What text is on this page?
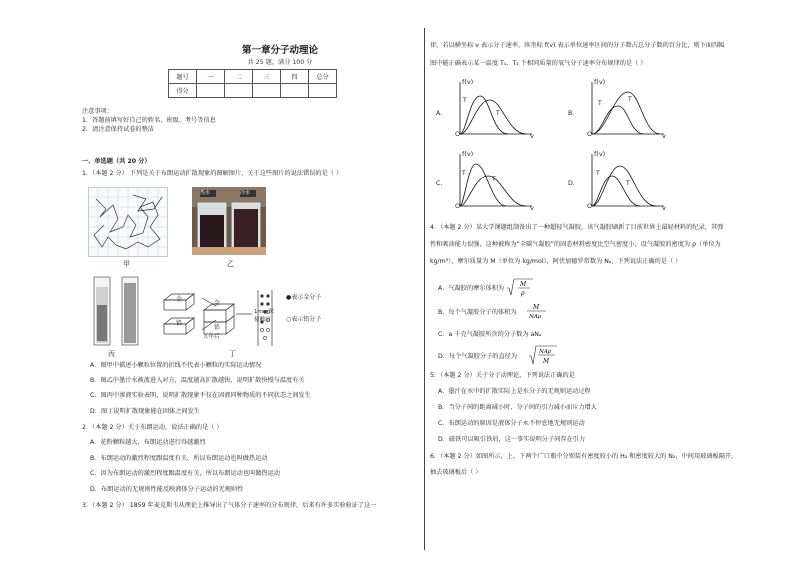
第一章分子动理论
共 25 题，满分 100 分
题号	一	二	三	四	总分
得分					
注意事项：
1．答题前填写好自己的姓名、班级、考号等信息
2．请注意保持试卷的整洁
一、单选题（共 20 分）
1．（本题 2 分） 下列是关于布朗运动扩散现象的图解图片，关于这些图片的说法错误的是（ ）
甲
热水	冷水
乙
丙
金
铅
金
铅
1mm深
接触层
五年后
●表示金分子
○表示铅分子
丁
A．图甲中描述小颗粒位置的折线不代表小颗粒的实际运动情况
B．图乙中墨汁水被流进入对方，温度越高扩散越快，说明扩散快慢与温度有关
C．图丙中渗液实验表明，说明扩散现象不仅在固液同种物质的不同状态之间发生
D．图丁说明扩散现象能在固体之间发生
2．（本题 2 分）关于布朗运动，说法正确的是（ ）
A．花粉颗粒越大，布朗运动进行得越激烈
B．布朗运动的激烈程度跟温度有关，所以布朗运动也叫做热运动
C．因为布朗运动的激烈程度跟温度有关，所以布朗运动也叫做热运动
D．布朗运动的无规则性能反映液体分子运动的无规则性
3．（本题 2 分） 1859 年麦克斯韦从理论上推导出了气体分子速率的分布规律，后来有许多实验验证了这一
律，若以横坐标 v 表示分子速率，纵坐标 f(v) 表示单位速率区间的分子数占总分子数的百分比，则下面四幅
图中能正确表示某一温度 T₁、T₂ 下相同质量的氧气分子速率分布规律的是（ ）
A．
f(v)
O	v
T
T	B．
f(v)
O	v
T
T
C．
f(v)
O	v
T
T
D．
f(v)
O	v
T
T
4．（本题 2 分）某大学课题组制备出了一种超轻气凝胶，该气凝胶刷新了目前世界上最轻材料的纪录，其弹
性和吸油能力很强，这种被称为“全碳气凝胶”的固态材料密度比空气密度小，设气凝胶的密度为 ρ（单位为
kg/m³），摩尔质量为 M（单位为 kg/mol），阿伏加德罗常数为 Nₐ，下列说法正确的是（ ）
A．气凝胶的摩尔体积为
M
ρ
B．每个气凝胶分子的体积为
M
NAρ
C．a 千克气凝胶所含的分子数为 aNₐ
D．每个气凝胶分子的直径为
NAρ
M
5．（本题 2 分）关于分子动理论，下列说法正确的是
A．墨汁在水中的扩散实际上是水分子的无规则运动过程
B．当分子间的距离减小时，分子间的引力减小而斥力增大
C．布朗运动的原因是液体分子永不停息地无规则运动
D．磁铁可以吸引铁屑，这一事实说明分子间存在引力
6．（本题 2 分）如图所示，上、下两个广口瓶中分别装有密度较小的 H₂ 和密度较大的 N₂，中间用玻璃板隔开，
抽去玻璃板后（ ）
